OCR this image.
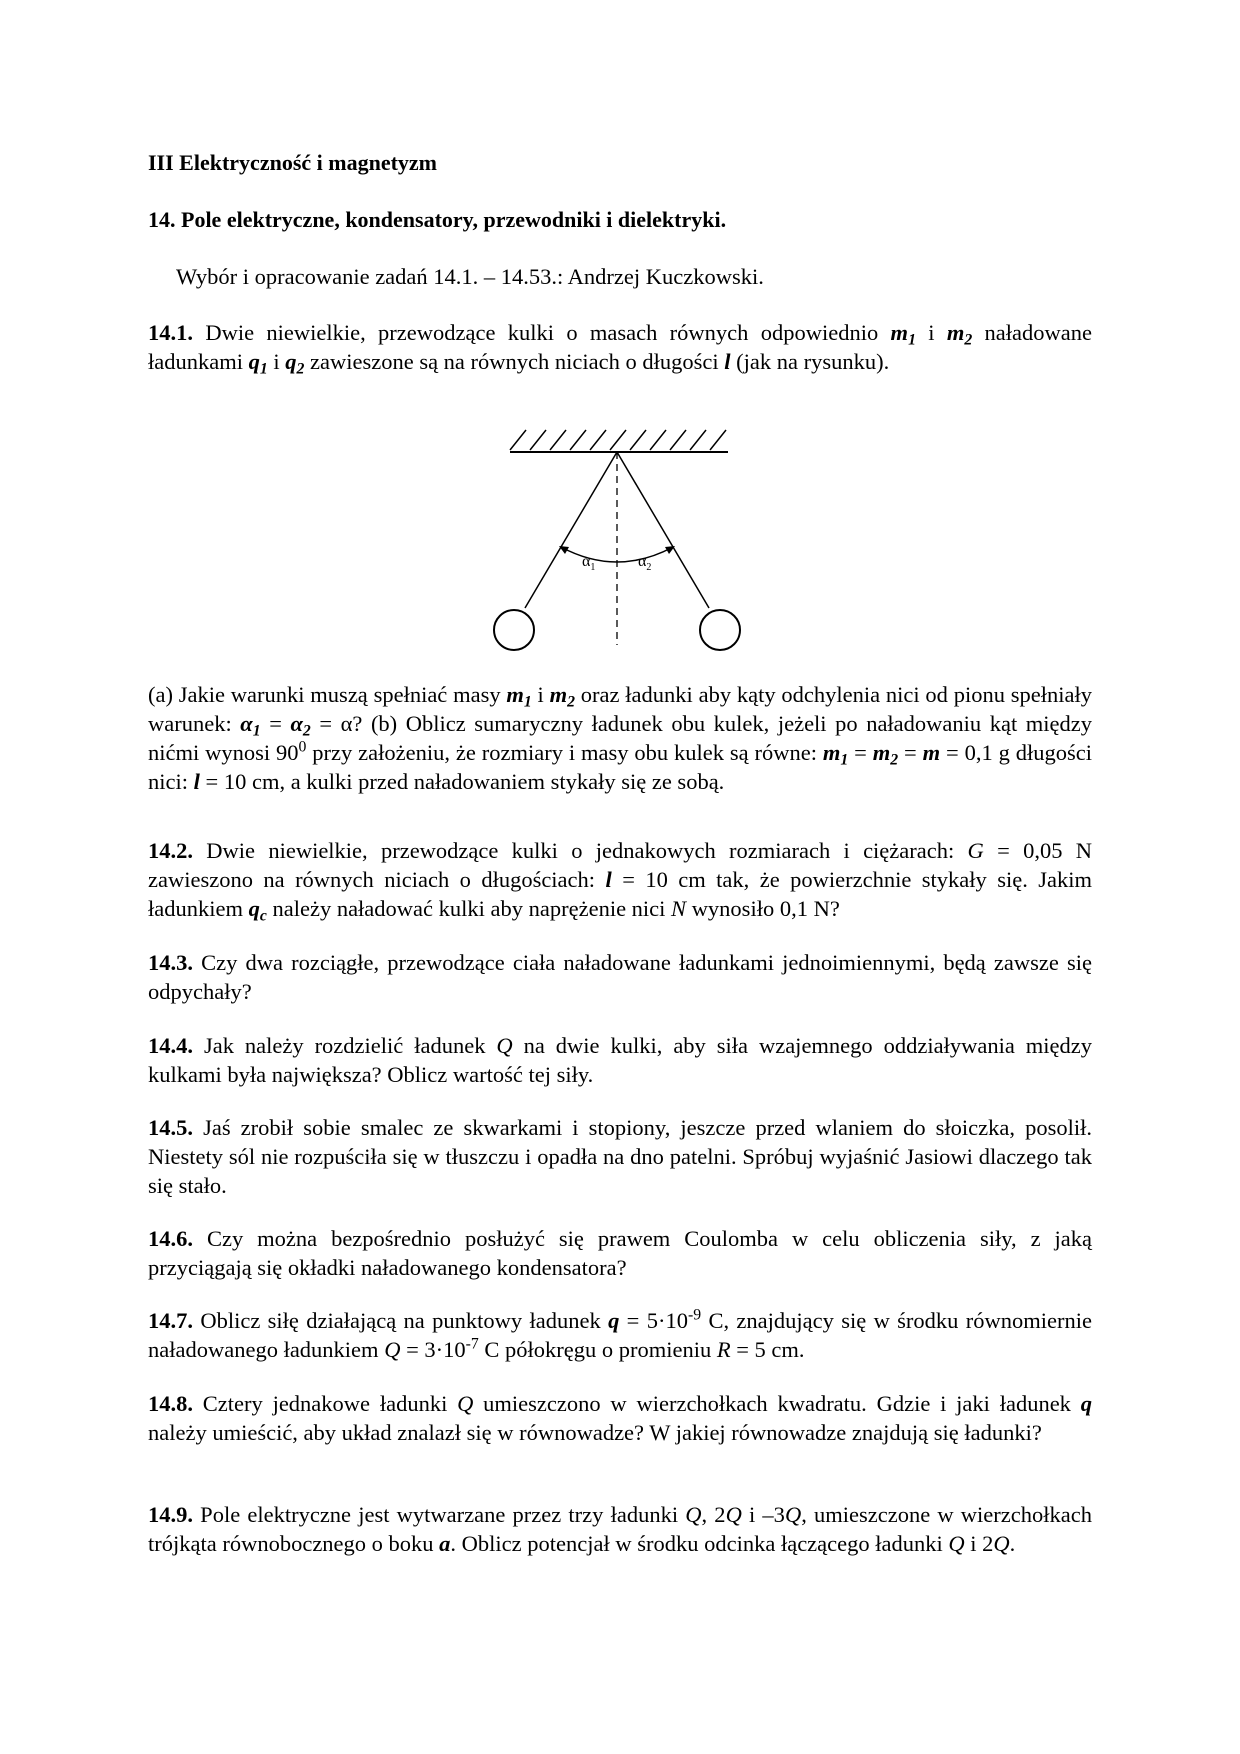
III Elektryczność i magnetyzm
14. Pole elektryczne, kondensatory, przewodniki i dielektryki.
Wybór i opracowanie zadań 14.1. – 14.53.: Andrzej Kuczkowski.
14.1. Dwie niewielkie, przewodzące kulki o masach równych odpowiednio $m_1$ i $m_2$ naładowane ładunkami $q_1$ i $q_2$ zawieszone są na równych niciach o długości l (jak na rysunku).
$\alpha_1$	$\alpha_2$
(a) Jakie warunki muszą spełniać masy $m_1$ i $m_2$ oraz ładunki aby kąty odchylenia nici od pionu spełniały warunek: $\alpha_1 = \alpha_2 = \alpha$? (b) Oblicz sumaryczny ładunek obu kulek, jeżeli po naładowaniu kąt między nićmi wynosi $90^0$ przy założeniu, że rozmiary i masy obu kulek są równe: $m_1 = m_2 = m = 0,1$ g długości nici: l = 10 cm, a kulki przed naładowaniem stykały się ze sobą.
14.2. Dwie niewielkie, przewodzące kulki o jednakowych rozmiarach i ciężarach: G = 0,05 N zawieszono na równych niciach o długościach: l = 10 cm tak, że powierzchnie stykały się. Jakim ładunkiem $q_c$ należy naładować kulki aby naprężenie nici N wynosiło 0,1 N?
14.3. Czy dwa rozciągłe, przewodzące ciała naładowane ładunkami jednoimiennymi, będą zawsze się odpychały?
14.4. Jak należy rozdzielić ładunek Q na dwie kulki, aby siła wzajemnego oddziaływania między kulkami była największa? Oblicz wartość tej siły.
14.5. Jaś zrobił sobie smalec ze skwarkami i stopiony, jeszcze przed wlaniem do słoiczka, posolił. Niestety sól nie rozpuściła się w tłuszczu i opadła na dno patelni. Spróbuj wyjaśnić Jasiowi dlaczego tak się stało.
14.6. Czy można bezpośrednio posłużyć się prawem Coulomba w celu obliczenia siły, z jaką przyciągają się okładki naładowanego kondensatora?
14.7. Oblicz siłę działającą na punktowy ładunek $q = 5\cdot 10^{-9}$ C, znajdujący się w środku równomiernie naładowanego ładunkiem $Q = 3\cdot 10^{-7}$ C półokręgu o promieniu R = 5 cm.
14.8. Cztery jednakowe ładunki Q umieszczono w wierzchołkach kwadratu. Gdzie i jaki ładunek q należy umieścić, aby układ znalazł się w równowadze? W jakiej równowadze znajdują się ładunki?
14.9. Pole elektryczne jest wytwarzane przez trzy ładunki Q, 2Q i –3Q, umieszczone w wierzchołkach trójkąta równobocznego o boku a. Oblicz potencjał w środku odcinka łączącego ładunki Q i 2Q.
